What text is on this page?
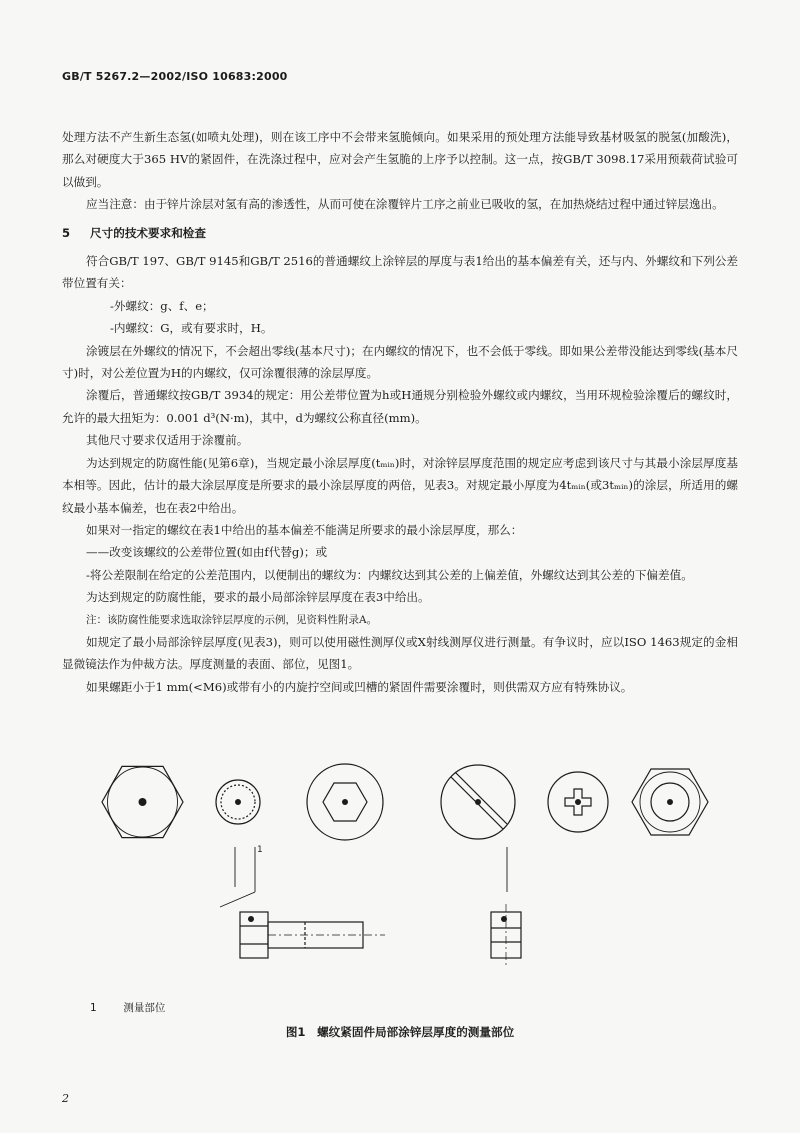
GB/T 5267.2—2002/ISO 10683:2000

处理方法不产生新生态氢(如喷丸处理)，则在该工序中不会带来氢脆倾向。如果采用的预处理方法能导致基材吸氢的脱氢(加酸洗)，那么对硬度大于365 HV的紧固件，在洗涤过程中，应对会产生氢脆的上序予以控制。这一点，按GB/T 3098.17采用预载荷试验可以做到。

应当注意：由于锌片涂层对氢有高的渗透性，从而可使在涂覆锌片工序之前业已吸收的氢，在加热烧结过程中通过锌层逸出。

5 尺寸的技术要求和检查

符合GB/T 197、GB/T 9145和GB/T 2516的普通螺纹上涂锌层的厚度与表1给出的基本偏差有关，还与内、外螺纹和下列公差带位置有关：

-外螺纹：g、f、e；

-内螺纹：G，或有要求时，H。

涂镀层在外螺纹的情况下，不会超出零线(基本尺寸)；在内螺纹的情况下，也不会低于零线。即如果公差带没能达到零线(基本尺寸)时，对公差位置为H的内螺纹，仅可涂覆很薄的涂层厚度。

涂覆后，普通螺纹按GB/T 3934的规定：用公差带位置为h或H通规分别检验外螺纹或内螺纹，当用环规检验涂覆后的螺纹时，允许的最大扭矩为：0.001 d³(N·m)，其中，d为螺纹公称直径(mm)。

其他尺寸要求仅适用于涂覆前。

为达到规定的防腐性能(见第6章)，当规定最小涂层厚度(tₘᵢₙ)时，对涂锌层厚度范围的规定应考虑到该尺寸与其最小涂层厚度基本相等。因此，估计的最大涂层厚度是所要求的最小涂层厚度的两倍，见表3。对规定最小厚度为4tₘᵢₙ(或3tₘᵢₙ)的涂层，所适用的螺纹最小基本偏差，也在表2中给出。

如果对一指定的螺纹在表1中给出的基本偏差不能满足所要求的最小涂层厚度，那么：

——改变该螺纹的公差带位置(如由f代替g)；或

-将公差限制在给定的公差范围内，以便制出的螺纹为：内螺纹达到其公差的上偏差值，外螺纹达到其公差的下偏差值。

为达到规定的防腐性能，要求的最小局部涂锌层厚度在表3中给出。

注：该防腐性能要求选取涂锌层厚度的示例，见资料性附录A。

如规定了最小局部涂锌层厚度(见表3)，则可以使用磁性测厚仪或X射线测厚仪进行测量。有争议时，应以ISO 1463规定的金相显微镜法作为仲裁方法。厚度测量的表面、部位，见图1。

如果螺距小于1 mm(<M6)或带有小的内旋拧空间或凹槽的紧固件需要涂覆时，则供需双方应有特殊协议。

1
1	测量部位
图1　螺纹紧固件局部涂锌层厚度的测量部位
2
